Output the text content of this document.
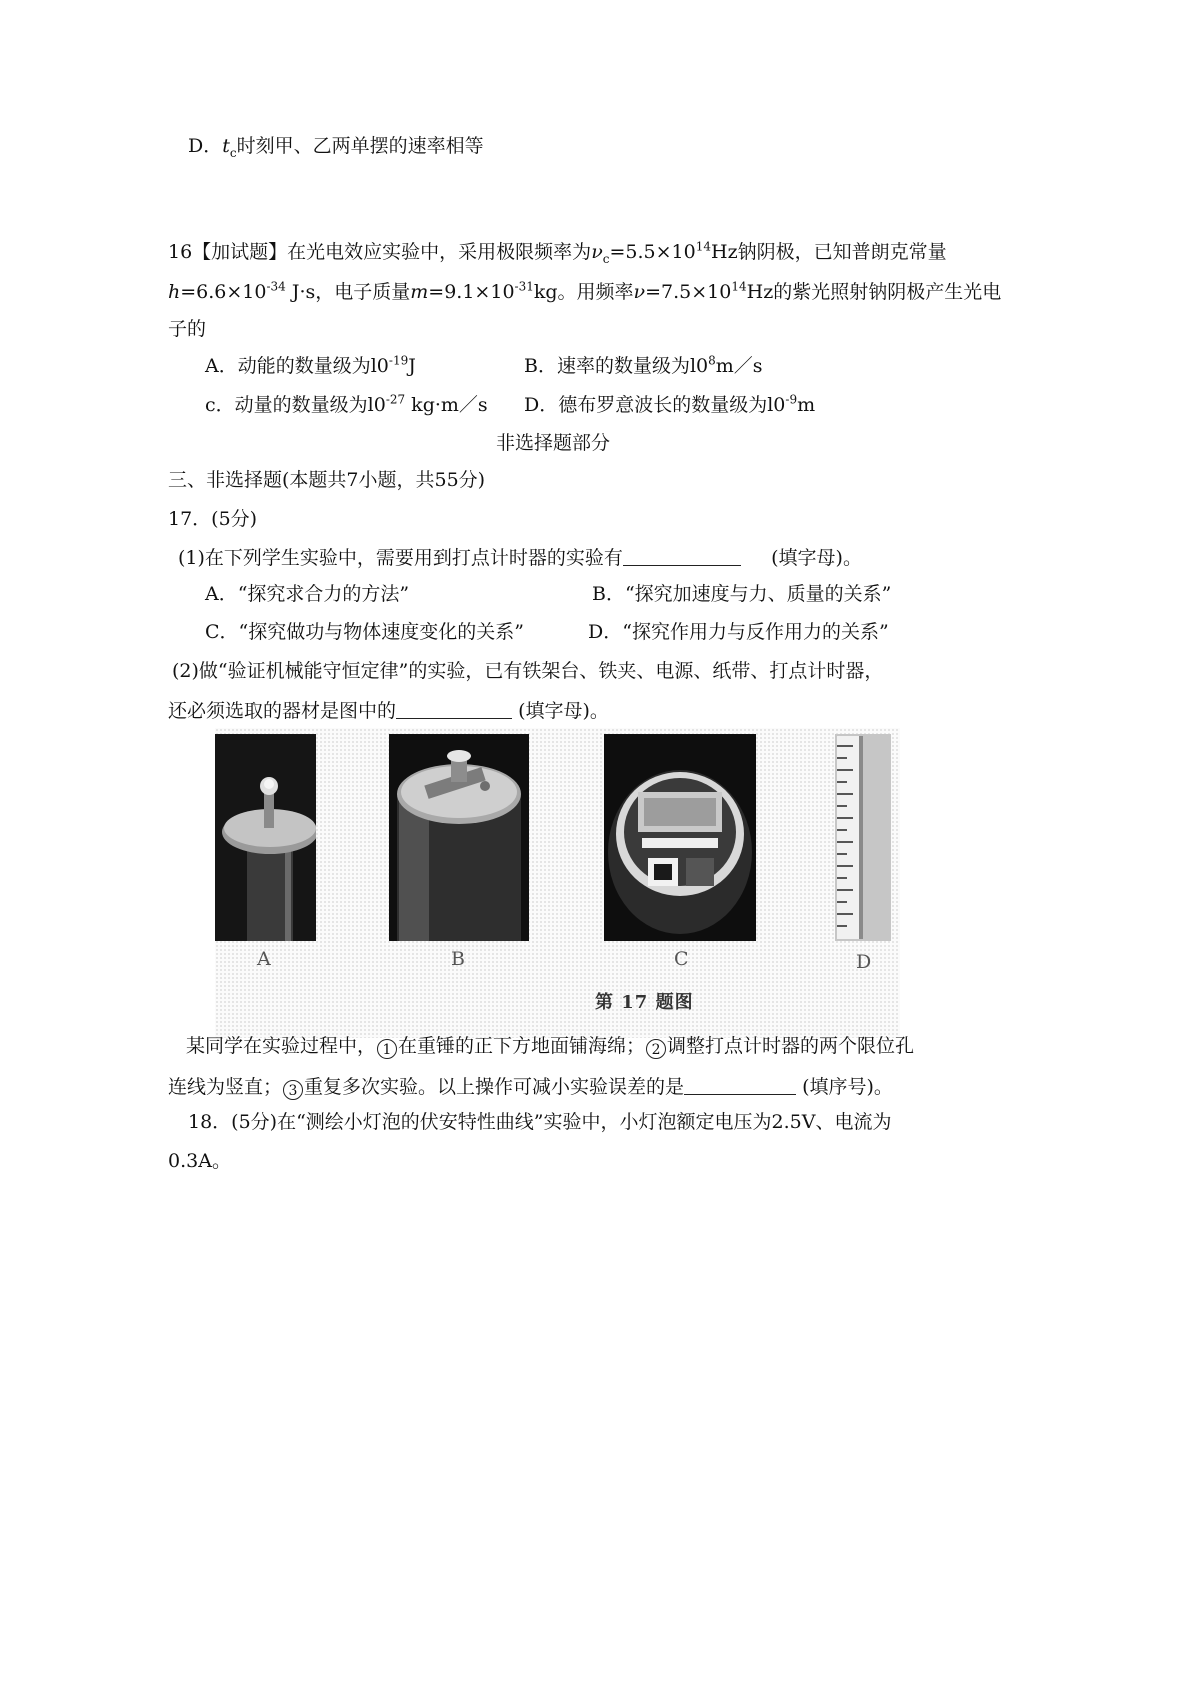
D．$t_c$时刻甲、乙两单摆的速率相等
16【加试题】在光电效应实验中，采用极限频率为$\nu_c=5.5\times 10^{14}Hz$钠阴极，已知普朗克常量
$h=6.6\times 10^{-34}$ J·s，电子质量$m=9.1\times 10^{-31}kg$。用频率$\nu=7.5\times 10^{14}Hz$的紫光照射钠阴极产生光电
子的
A．动能的数量级为$l0^{-19}J$	B．速率的数量级为$l0^8m/s$
c．动量的数量级为$l0^{-27}$ kg·m／s D．德布罗意波长的数量级为$l0^{-9}m$
非选择题部分
三、非选择题(本题共7小题，共55分)
17．(5分)
(1)在下列学生实验中，需要用到打点计时器的实验有	(填字母)。
A．“探究求合力的方法”	B．“探究加速度与力、质量的关系”
C．“探究做功与物体速度变化的关系”	D．“探究作用力与反作用力的关系”
(2)做“验证机械能守恒定律”的实验，已有铁架台、铁夹、电源、纸带、打点计时器，
还必须选取的器材是图中的	(填字母)。
A	B	C	D
第 17 题图
某同学在实验过程中， 1 在重锤的正下方地面铺海绵； 2 调整打点计时器的两个限位孔
连线为竖直； 3 重复多次实验。以上操作可减小实验误差的是	(填序号)。
18．(5分)在“测绘小灯泡的伏安特性曲线”实验中，小灯泡额定电压为2.5V、电流为
0.3A。
